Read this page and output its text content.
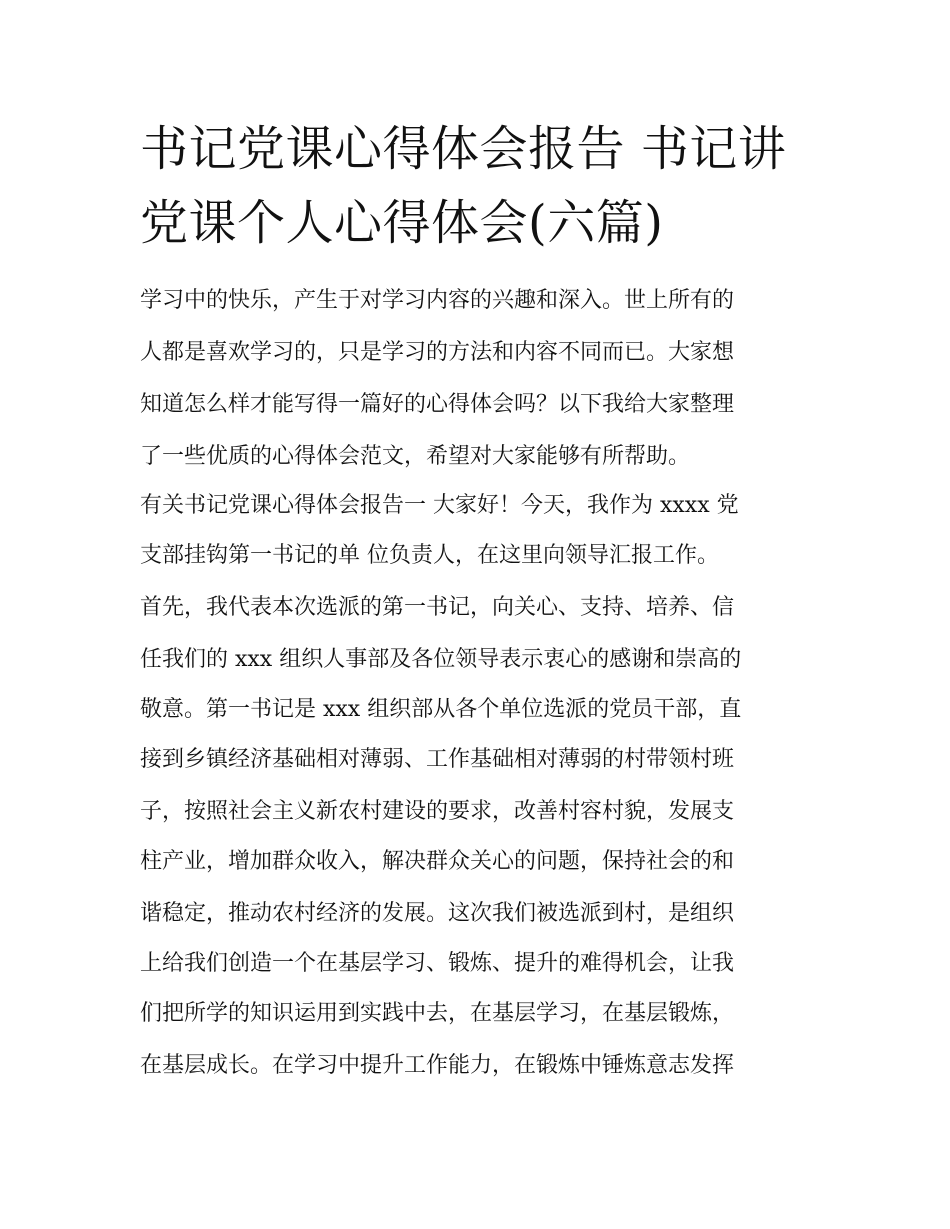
书记党课心得体会报告 书记讲
党课个人心得体会(六篇)

学习中的快乐，产生于对学习内容的兴趣和深入。世上所有的

人都是喜欢学习的，只是学习的方法和内容不同而已。大家想

知道怎么样才能写得一篇好的心得体会吗？以下我给大家整理

了一些优质的心得体会范文，希望对大家能够有所帮助。

有关书记党课心得体会报告一 大家好！今天，我作为 xxxx 党

支部挂钩第一书记的单 位负责人，在这里向领导汇报工作。

首先，我代表本次选派的第一书记，向关心、支持、培养、信

任我们的 xxx 组织人事部及各位领导表示衷心的感谢和崇高的

敬意。第一书记是 xxx 组织部从各个单位选派的党员干部，直

接到乡镇经济基础相对薄弱、工作基础相对薄弱的村带领村班

子，按照社会主义新农村建设的要求，改善村容村貌，发展支

柱产业，增加群众收入，解决群众关心的问题，保持社会的和

谐稳定，推动农村经济的发展。这次我们被选派到村，是组织

上给我们创造一个在基层学习、锻炼、提升的难得机会，让我

们把所学的知识运用到实践中去，在基层学习，在基层锻炼，

在基层成长。在学习中提升工作能力，在锻炼中锤炼意志发挥
